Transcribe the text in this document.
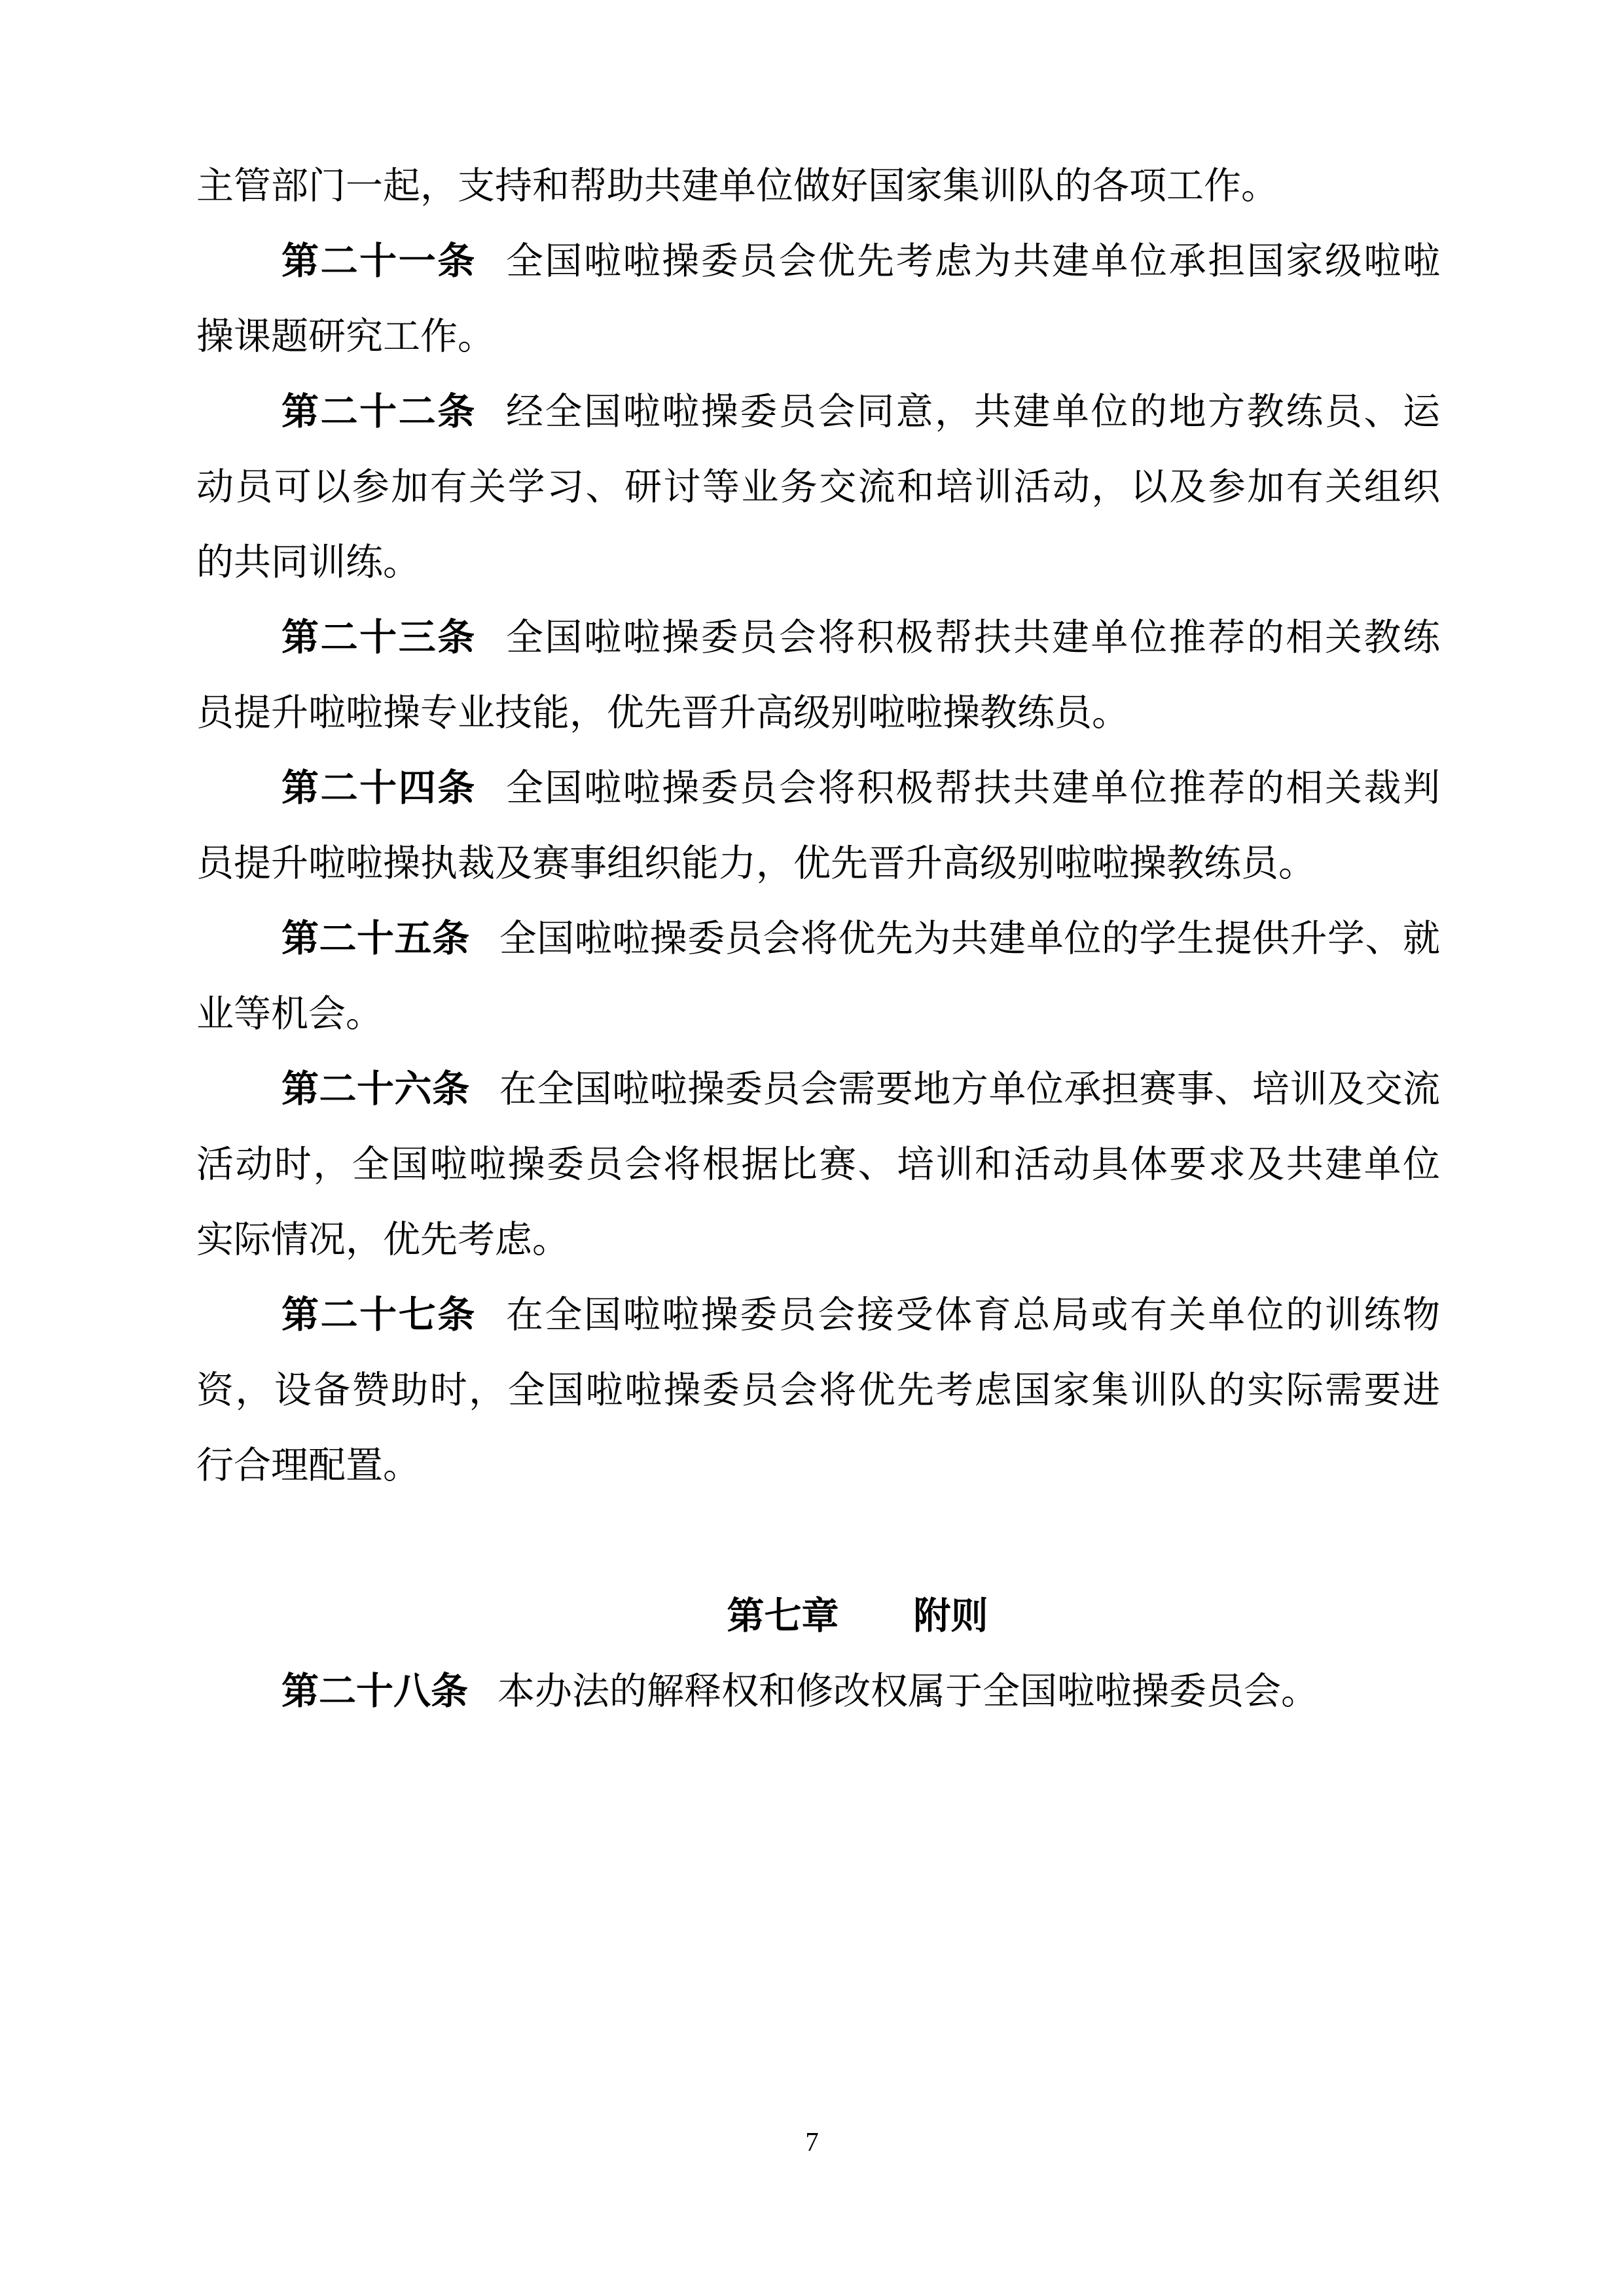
主管部门一起，支持和帮助共建单位做好国家集训队的各项工作。
第二十一条 全国啦啦操委员会优先考虑为共建单位承担国家级啦啦
操课题研究工作。
第二十二条 经全国啦啦操委员会同意，共建单位的地方教练员、运
动员可以参加有关学习、研讨等业务交流和培训活动，以及参加有关组织
的共同训练。
第二十三条 全国啦啦操委员会将积极帮扶共建单位推荐的相关教练
员提升啦啦操专业技能，优先晋升高级别啦啦操教练员。
第二十四条 全国啦啦操委员会将积极帮扶共建单位推荐的相关裁判
员提升啦啦操执裁及赛事组织能力，优先晋升高级别啦啦操教练员。
第二十五条 全国啦啦操委员会将优先为共建单位的学生提供升学、就
业等机会。
第二十六条 在全国啦啦操委员会需要地方单位承担赛事、培训及交流
活动时，全国啦啦操委员会将根据比赛、培训和活动具体要求及共建单位
实际情况，优先考虑。
第二十七条 在全国啦啦操委员会接受体育总局或有关单位的训练物
资，设备赞助时，全国啦啦操委员会将优先考虑国家集训队的实际需要进
行合理配置。
第七章　　附则
第二十八条 本办法的解释权和修改权属于全国啦啦操委员会。
7
